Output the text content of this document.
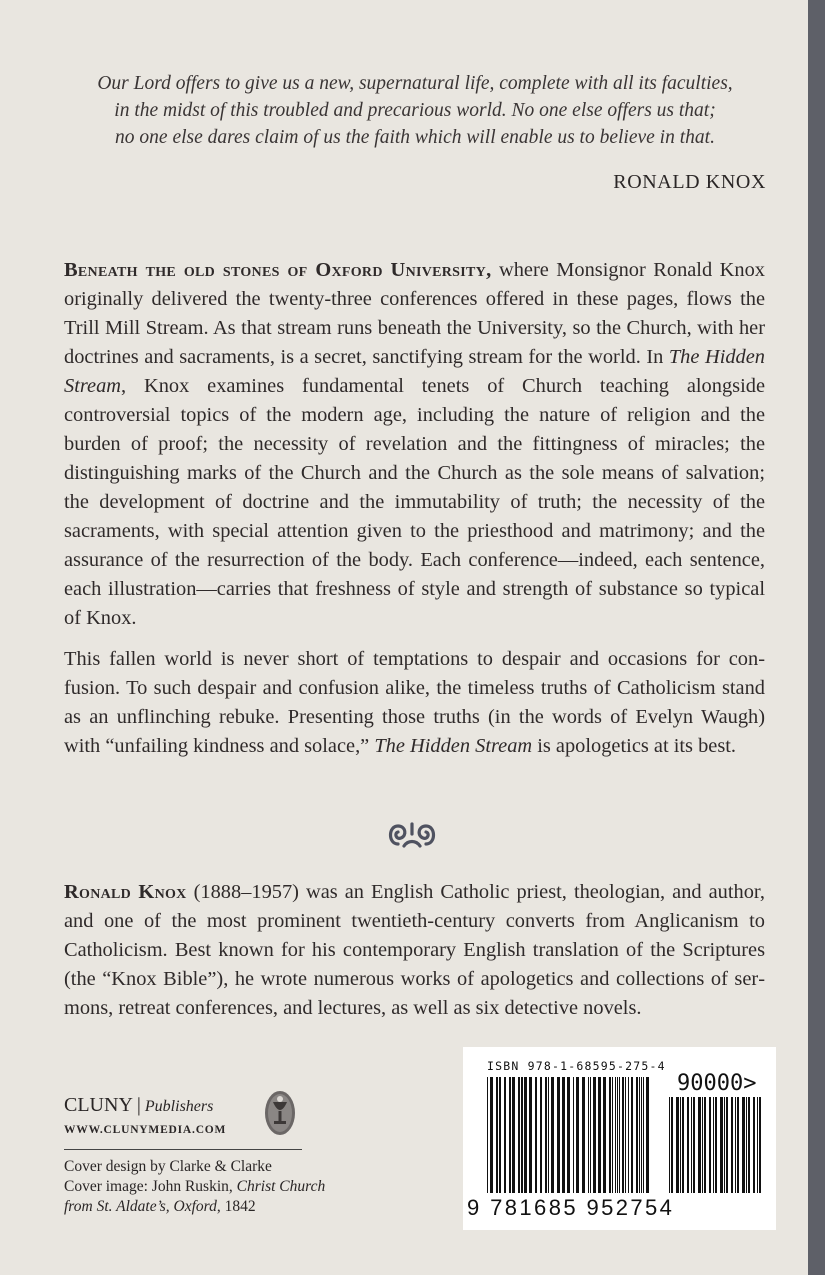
Our Lord offers to give us a new, supernatural life, complete with all its faculties,
in the midst of this troubled and precarious world. No one else offers us that;
no one else dares claim of us the faith which will enable us to believe in that.
RONALD KNOX

Beneath the old stones of Oxford University, where Monsignor Ronald Knox originally delivered the twenty-three conferences offered in these pages, flows the Trill Mill Stream. As that stream runs beneath the University, so the Church, with her doctrines and sacraments, is a secret, sanctifying stream for the world. In The Hidden Stream, Knox examines fundamental tenets of Church teaching alongside controversial topics of the modern age, including the nature of religion and the burden of proof; the necessity of revelation and the fittingness of miracles; the distinguishing marks of the Church and the Church as the sole means of salvation; the development of doctrine and the immutability of truth; the necessity of the sacraments, with special attention given to the priesthood and matrimony; and the assurance of the resurrection of the body. Each conference—indeed, each sentence, each illustration—carries that freshness of style and strength of substance so typical of Knox.

This fallen world is never short of temptations to despair and occasions for confusion. To such despair and confusion alike, the timeless truths of Catholicism stand as an unflinching rebuke. Presenting those truths (in the words of Evelyn Waugh) with “unfailing kindness and solace,” The Hidden Stream is apologetics at its best.

Ronald Knox (1888–1957) was an English Catholic priest, theologian, and author, and one of the most prominent twentieth-century converts from Anglicanism to Catholicism. Best known for his contemporary English translation of the Scriptures (the “Knox Bible”), he wrote numerous works of apologetics and collections of sermons, retreat conferences, and lectures, as well as six detective novels.

CLUNY | Publishers
WWW.CLUNYMEDIA.COM
Cover design by Clarke & Clarke
Cover image: John Ruskin, Christ Church
from St. Aldate’s, Oxford, 1842
ISBN 978-1-68595-275-4
90000>
9 781685 952754
